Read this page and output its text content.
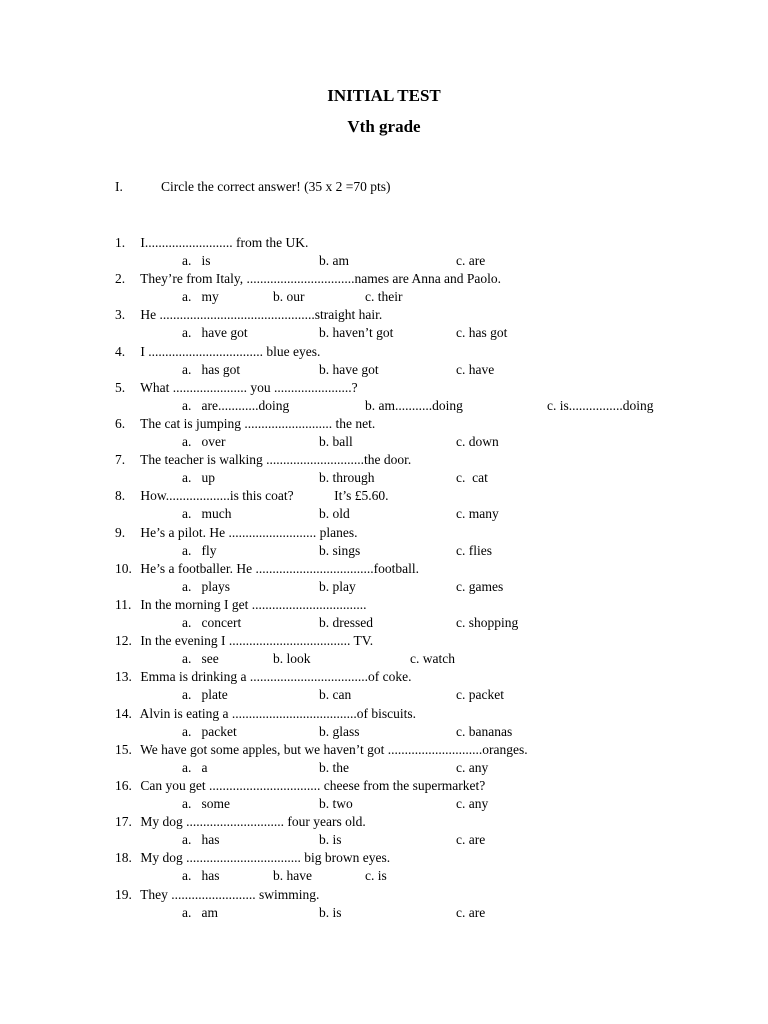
INITIAL TEST
Vth grade
I.	Circle the correct answer! (35 x 2 =70 pts)
1. I.......................... from the UK.
a.   is	b. am	c. are
2. They’re from Italy, ................................names are Anna and Paolo.
a.   my	b. our	c. their
3. He ..............................................straight hair.
a.   have got	b. haven’t got	c. has got
4. I .................................. blue eyes.
a.   has got	b. have got	c. have
5. What ...................... you .......................?
a.   are............doing	b. am...........doing	c. is................doing
6. The cat is jumping .......................... the net.
a.   over	b. ball	c. down
7. The teacher is walking .............................the door.
a.   up	b. through	c.  cat
8. How...................is this coat?            It’s £5.60.
a.   much	b. old	c. many
9. He’s a pilot. He .......................... planes.
a.   fly	b. sings	c. flies
10. He’s a footballer. He ...................................football.
a.   plays	b. play	c. games
11. In the morning I get ..................................
a.   concert	b. dressed	c. shopping
12. In the evening I .................................... TV.
a.   see	b. look	c. watch
13. Emma is drinking a ...................................of coke.
a.   plate	b. can	c. packet
14. Alvin is eating a .....................................of biscuits.
a.   packet	b. glass	c. bananas
15. We have got some apples, but we haven’t got ............................oranges.
a.   a	b. the	c. any
16. Can you get ................................. cheese from the supermarket?
a.   some	b. two	c. any
17. My dog ............................. four years old.
a.   has	b. is	c. are
18. My dog .................................. big brown eyes.
a.   has	b. have	c. is
19. They ......................... swimming.
a.   am	b. is	c. are
